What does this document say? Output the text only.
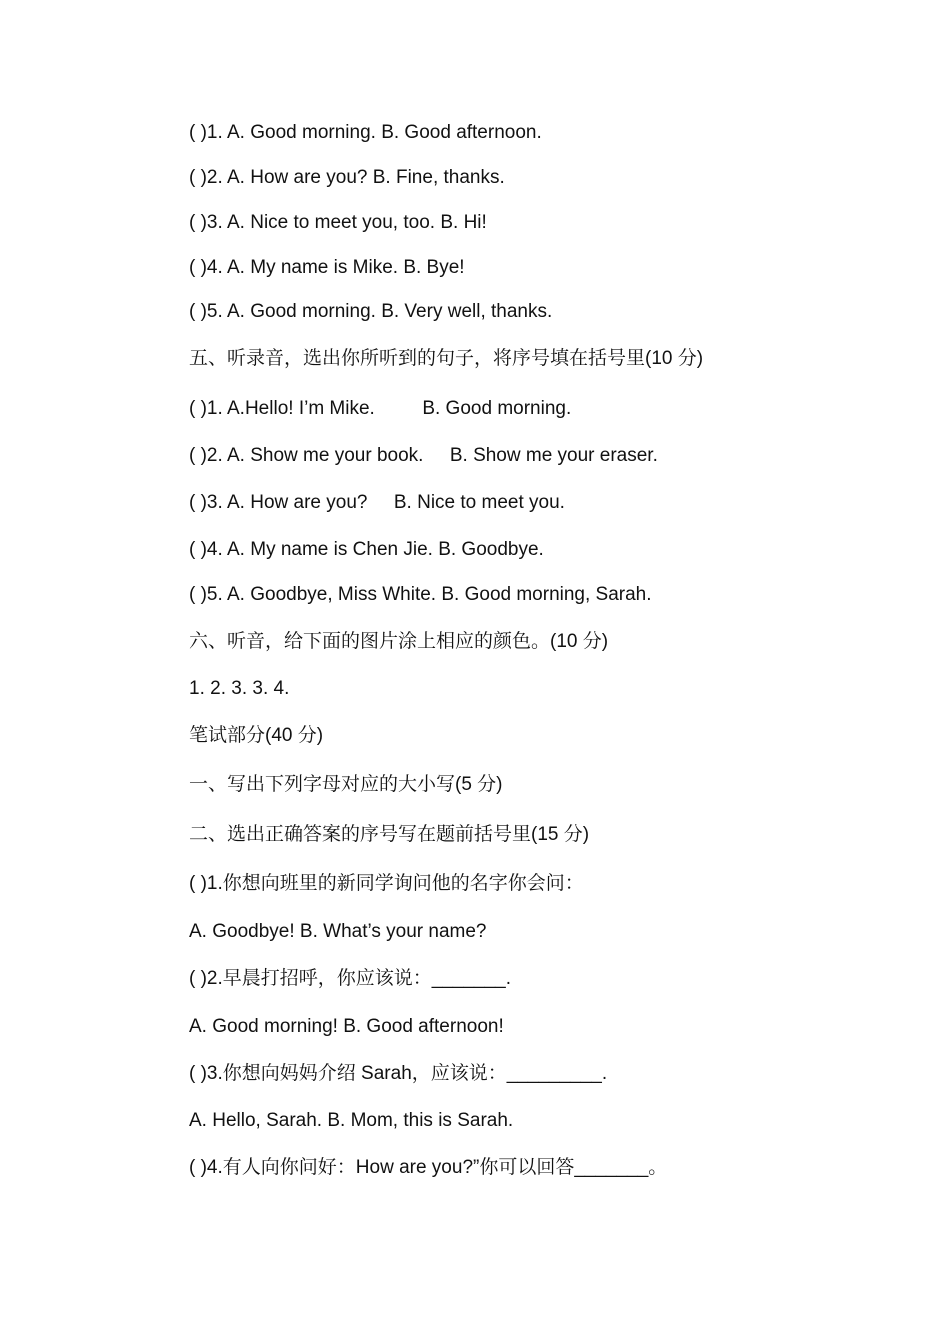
( )1. A. Good morning. B. Good afternoon.
( )2. A. How are you? B. Fine, thanks.
( )3. A. Nice to meet you, too. B. Hi!
( )4. A. My name is Mike. B. Bye!
( )5. A. Good morning. B. Very well, thanks.
五、听录音，选出你所听到的句子，将序号填在括号里(10 分)
( )1. A.Hello! I’m Mike.         B. Good morning.
( )2. A. Show me your book.     B. Show me your eraser.
( )3. A. How are you?     B. Nice to meet you.
( )4. A. My name is Chen Jie. B. Goodbye.
( )5. A. Goodbye, Miss White. B. Good morning, Sarah.
六、听音，给下面的图片涂上相应的颜色。(10 分)
1. 2. 3. 3. 4.
笔试部分(40 分)
一、写出下列字母对应的大小写(5 分)
二、选出正确答案的序号写在题前括号里(15 分)
( )1.你想向班里的新同学询问他的名字你会问：
A. Goodbye! B. What’s your name?
( )2.早晨打招呼，你应该说：_______.
A. Good morning! B. Good afternoon!
( )3.你想向妈妈介绍 Sarah，应该说：_________.
A. Hello, Sarah. B. Mom, this is Sarah.
( )4.有人向你问好：How are you?”你可以回答_______。
